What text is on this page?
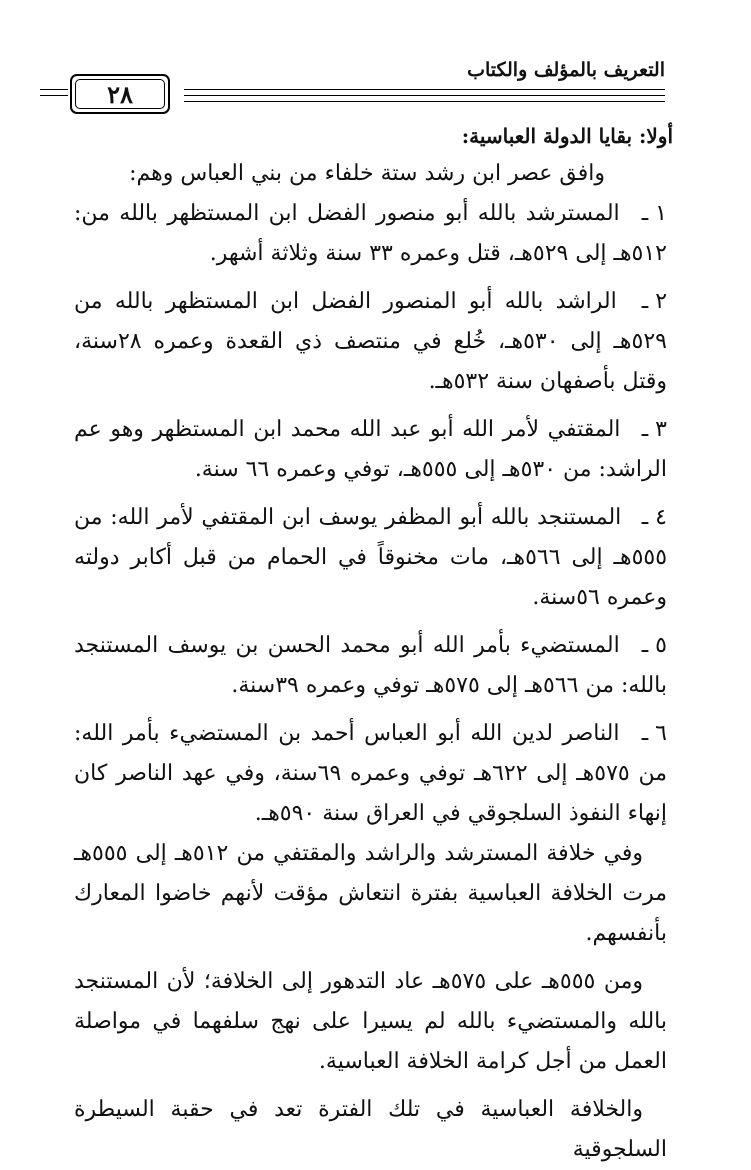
التعريف بالمؤلف والكتاب
٢٨
أولا: بقايا الدولة العباسية:

وافق عصر ابن رشد ستة خلفاء من بني العباس وهم:

١ ـ المسترشد بالله أبو منصور الفضل ابن المستظهر بالله من: ٥١٢هـ إلى ٥٢٩هـ، قتل وعمره ٣٣ سنة وثلاثة أشهر.

٢ ـ الراشد بالله أبو المنصور الفضل ابن المستظهر بالله من ٥٢٩هـ إلى ٥٣٠هـ، خُلع في منتصف ذي القعدة وعمره ٢٨سنة، وقتل بأصفهان سنة ٥٣٢هـ.

٣ ـ المقتفي لأمر الله أبو عبد الله محمد ابن المستظهر وهو عم الراشد: من ٥٣٠هـ إلى ٥٥٥هـ، توفي وعمره ٦٦ سنة.

٤ ـ المستنجد بالله أبو المظفر يوسف ابن المقتفي لأمر الله: من ٥٥٥هـ إلى ٥٦٦هـ، مات مخنوقاً في الحمام من قبل أكابر دولته وعمره ٥٦سنة.

٥ ـ المستضيء بأمر الله أبو محمد الحسن بن يوسف المستنجد بالله: من ٥٦٦هـ إلى ٥٧٥هـ توفي وعمره ٣٩سنة.

٦ ـ الناصر لدين الله أبو العباس أحمد بن المستضيء بأمر الله: من ٥٧٥هـ إلى ٦٢٢هـ توفي وعمره ٦٩سنة، وفي عهد الناصر كان إنهاء النفوذ السلجوقي في العراق سنة ٥٩٠هـ.

وفي خلافة المسترشد والراشد والمقتفي من ٥١٢هـ إلى ٥٥٥هـ مرت الخلافة العباسية بفترة انتعاش مؤقت لأنهم خاضوا المعارك بأنفسهم.

ومن ٥٥٥هـ على ٥٧٥هـ عاد التدهور إلى الخلافة؛ لأن المستنجد بالله والمستضيء بالله لم يسيرا على نهج سلفهما في مواصلة العمل من أجل كرامة الخلافة العباسية.

والخلافة العباسية في تلك الفترة تعد في حقبة السيطرة السلجوقية
